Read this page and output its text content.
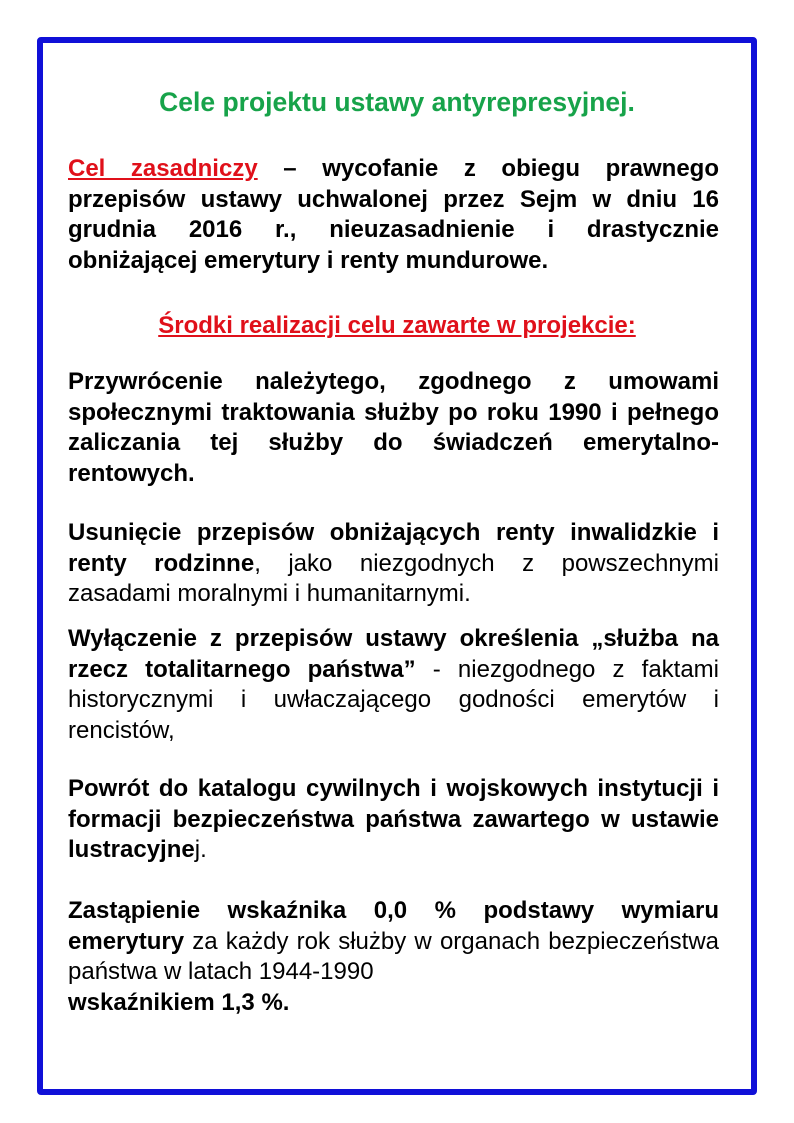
Cele projektu ustawy antyrepresyjnej.

Cel zasadniczy – wycofanie z obiegu prawnego przepisów ustawy uchwalonej przez Sejm w dniu 16 grudnia 2016 r., nieuzasadnienie i drastycznie obniżającej emerytury i renty mundurowe.

Środki realizacji celu zawarte w projekcie:

Przywrócenie należytego, zgodnego z umowami społecznymi traktowania służby po roku 1990 i pełnego zaliczania tej służby do świadczeń emerytalno-rentowych.

Usunięcie przepisów obniżających renty inwalidzkie i renty rodzinne, jako niezgodnych z powszechnymi zasadami moralnymi i humanitarnymi.

Wyłączenie z przepisów ustawy określenia „służba na rzecz totalitarnego państwa” - niezgodnego z faktami historycznymi i uwłaczającego godności emerytów i rencistów,

Powrót do katalogu cywilnych i wojskowych instytucji i formacji bezpieczeństwa państwa zawartego w ustawie lustracyjnej.

Zastąpienie wskaźnika 0,0 % podstawy wymiaru emerytury za każdy rok służby w organach bezpieczeństwa państwa w latach 1944-1990
wskaźnikiem 1,3 %.
